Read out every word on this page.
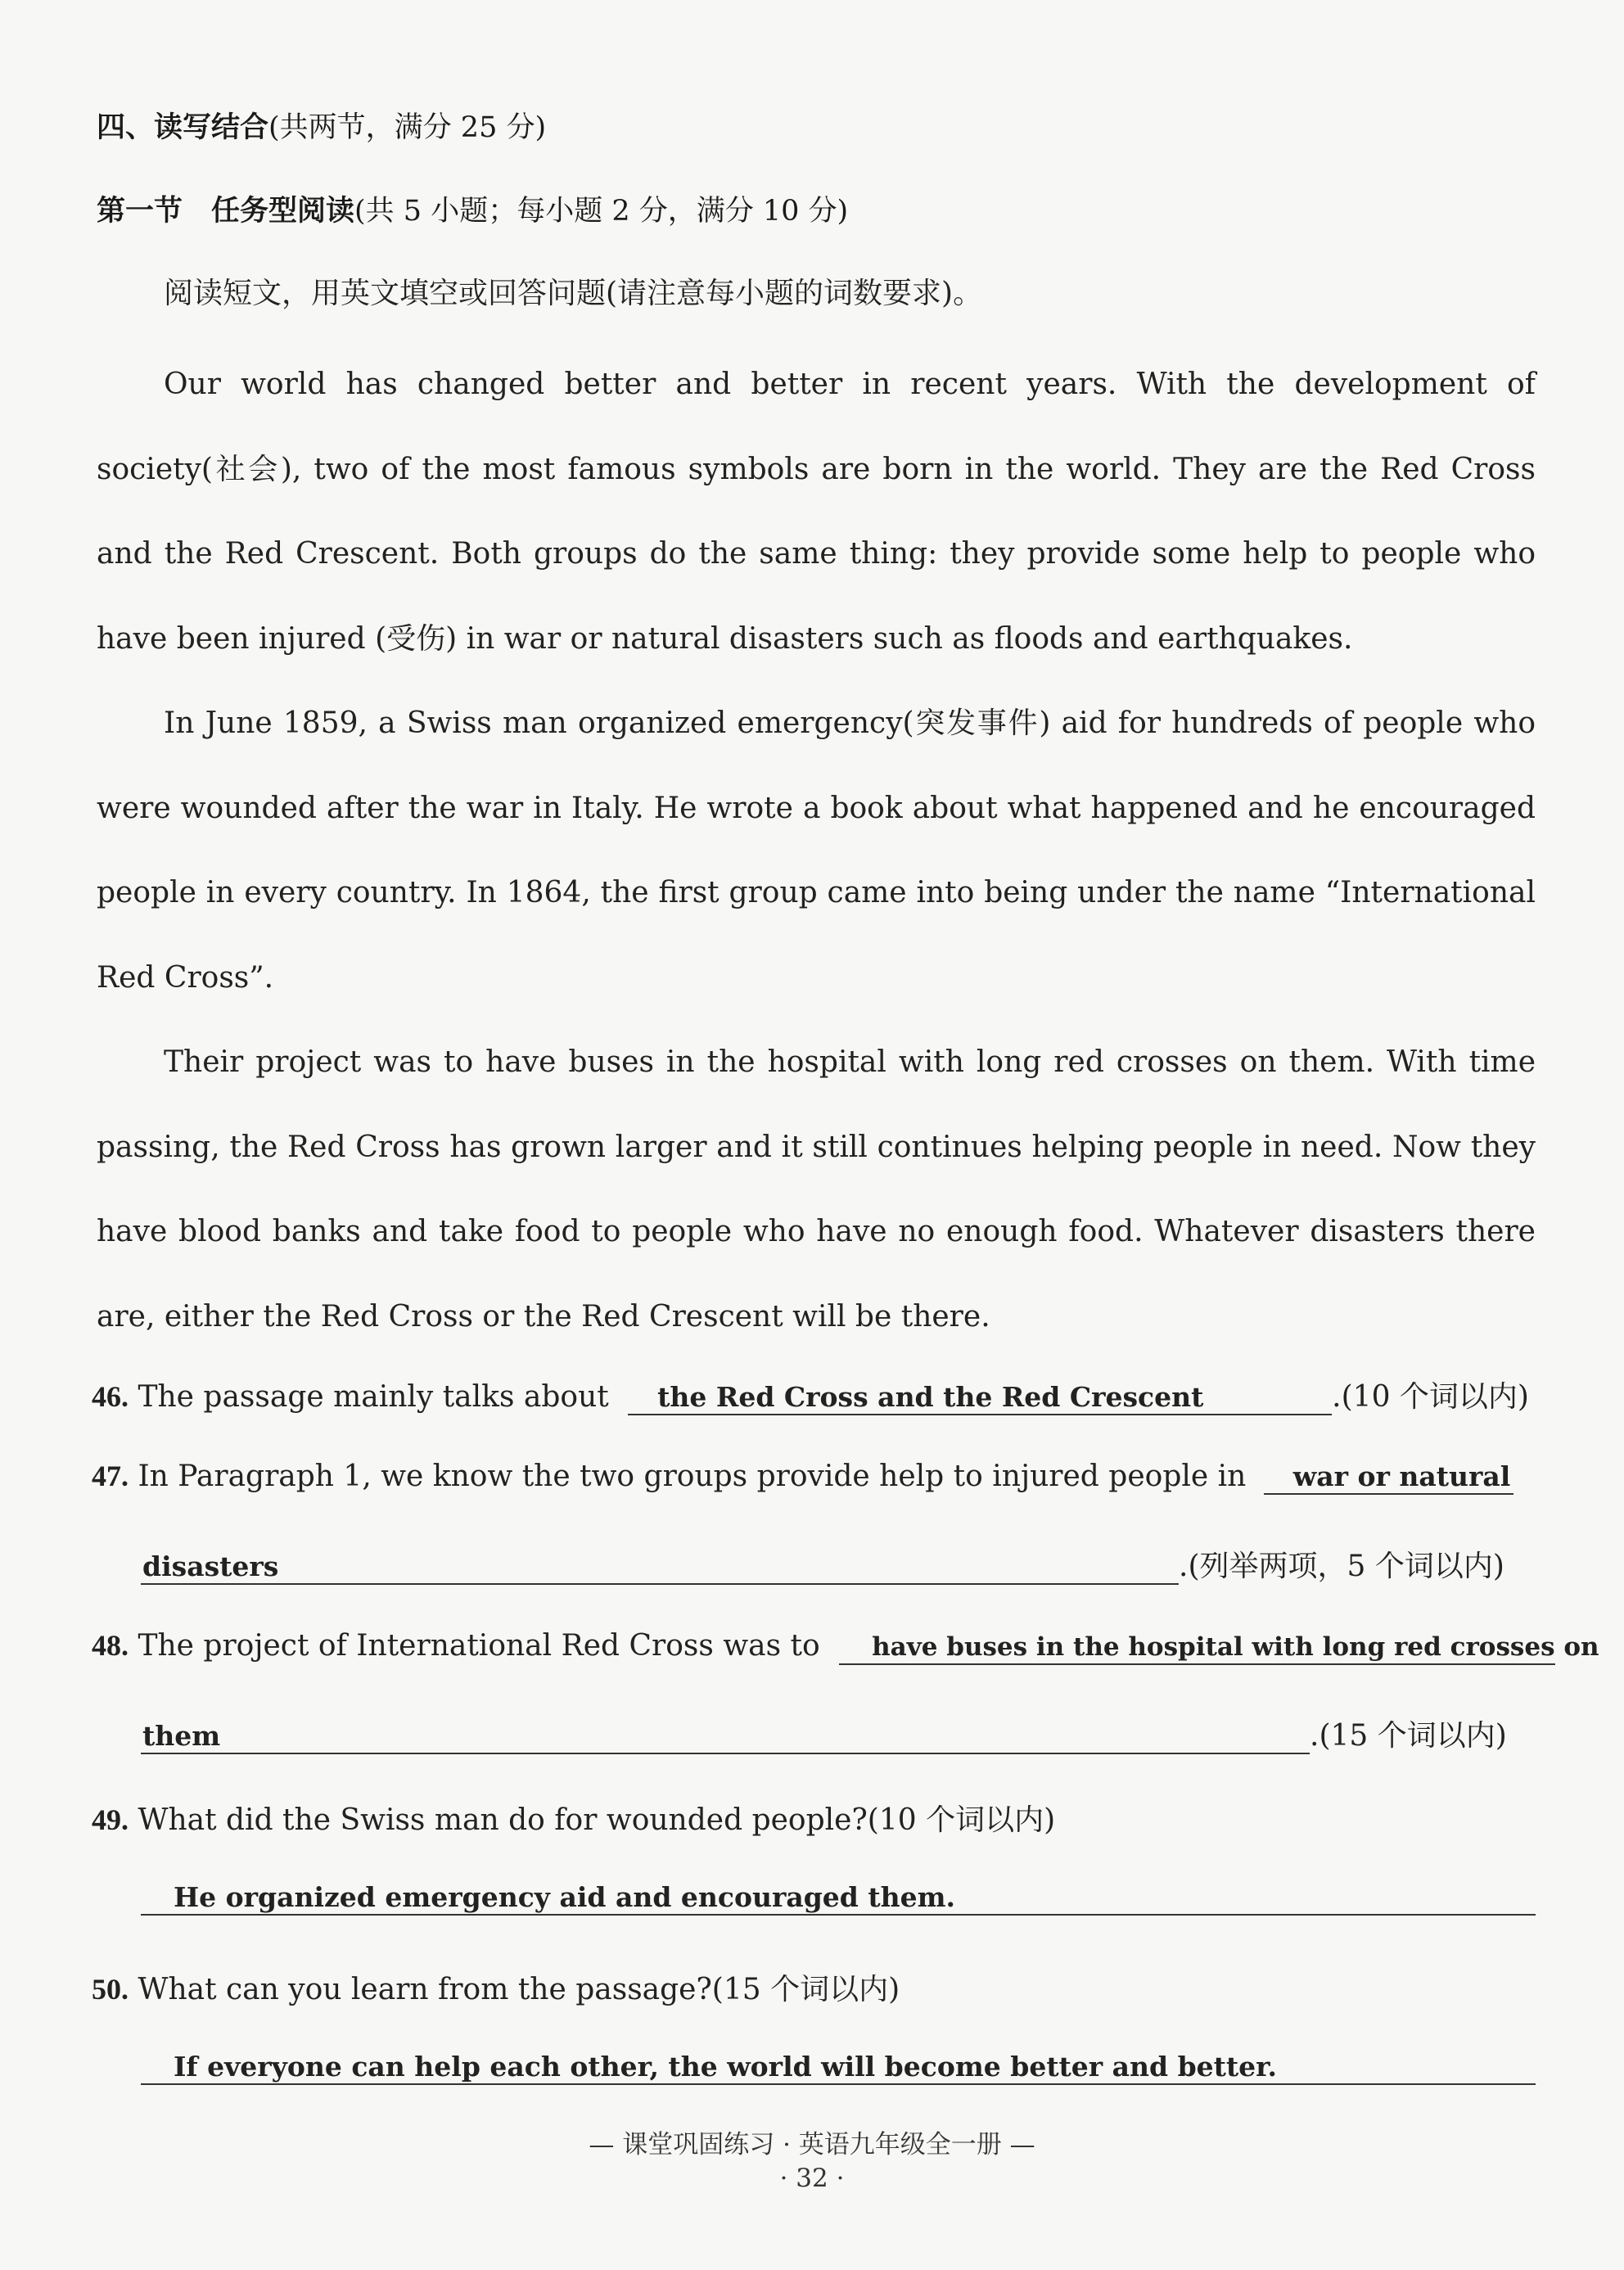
四、读写结合(共两节，满分 25 分)
第一节　任务型阅读(共 5 小题；每小题 2 分，满分 10 分)
阅读短文，用英文填空或回答问题(请注意每小题的词数要求)。

Our world has changed better and better in recent years. With the development of society(社会), two of the most famous symbols are born in the world. They are the Red Cross and the Red Crescent. Both groups do the same thing: they provide some help to people who have been injured (受伤) in war or natural disasters such as floods and earthquakes.

In June 1859, a Swiss man organized emergency(突发事件) aid for hundreds of people who were wounded after the war in Italy. He wrote a book about what happened and he encouraged people in every country. In 1864, the first group came into being under the name “International Red Cross”.

Their project was to have buses in the hospital with long red crosses on them. With time passing, the Red Cross has grown larger and it still continues helping people in need. Now they have blood banks and take food to people who have no enough food. Whatever disasters there are, either the Red Cross or the Red Crescent will be there.

46. The passage mainly talks about the Red Cross and the Red Crescent	.(10 个词以内)
47. In Paragraph 1, we know the two groups provide help to injured people in war or natural
disasters	.(列举两项，5 个词以内)
48. The project of International Red Cross was to have buses in the hospital with long red crosses on
them	.(15 个词以内)
49. What did the Swiss man do for wounded people?(10 个词以内)
He organized emergency aid and encouraged them.
50. What can you learn from the passage?(15 个词以内)
If everyone can help each other, the world will become better and better.
— 课堂巩固练习 · 英语九年级全一册 —
· 32 ·
